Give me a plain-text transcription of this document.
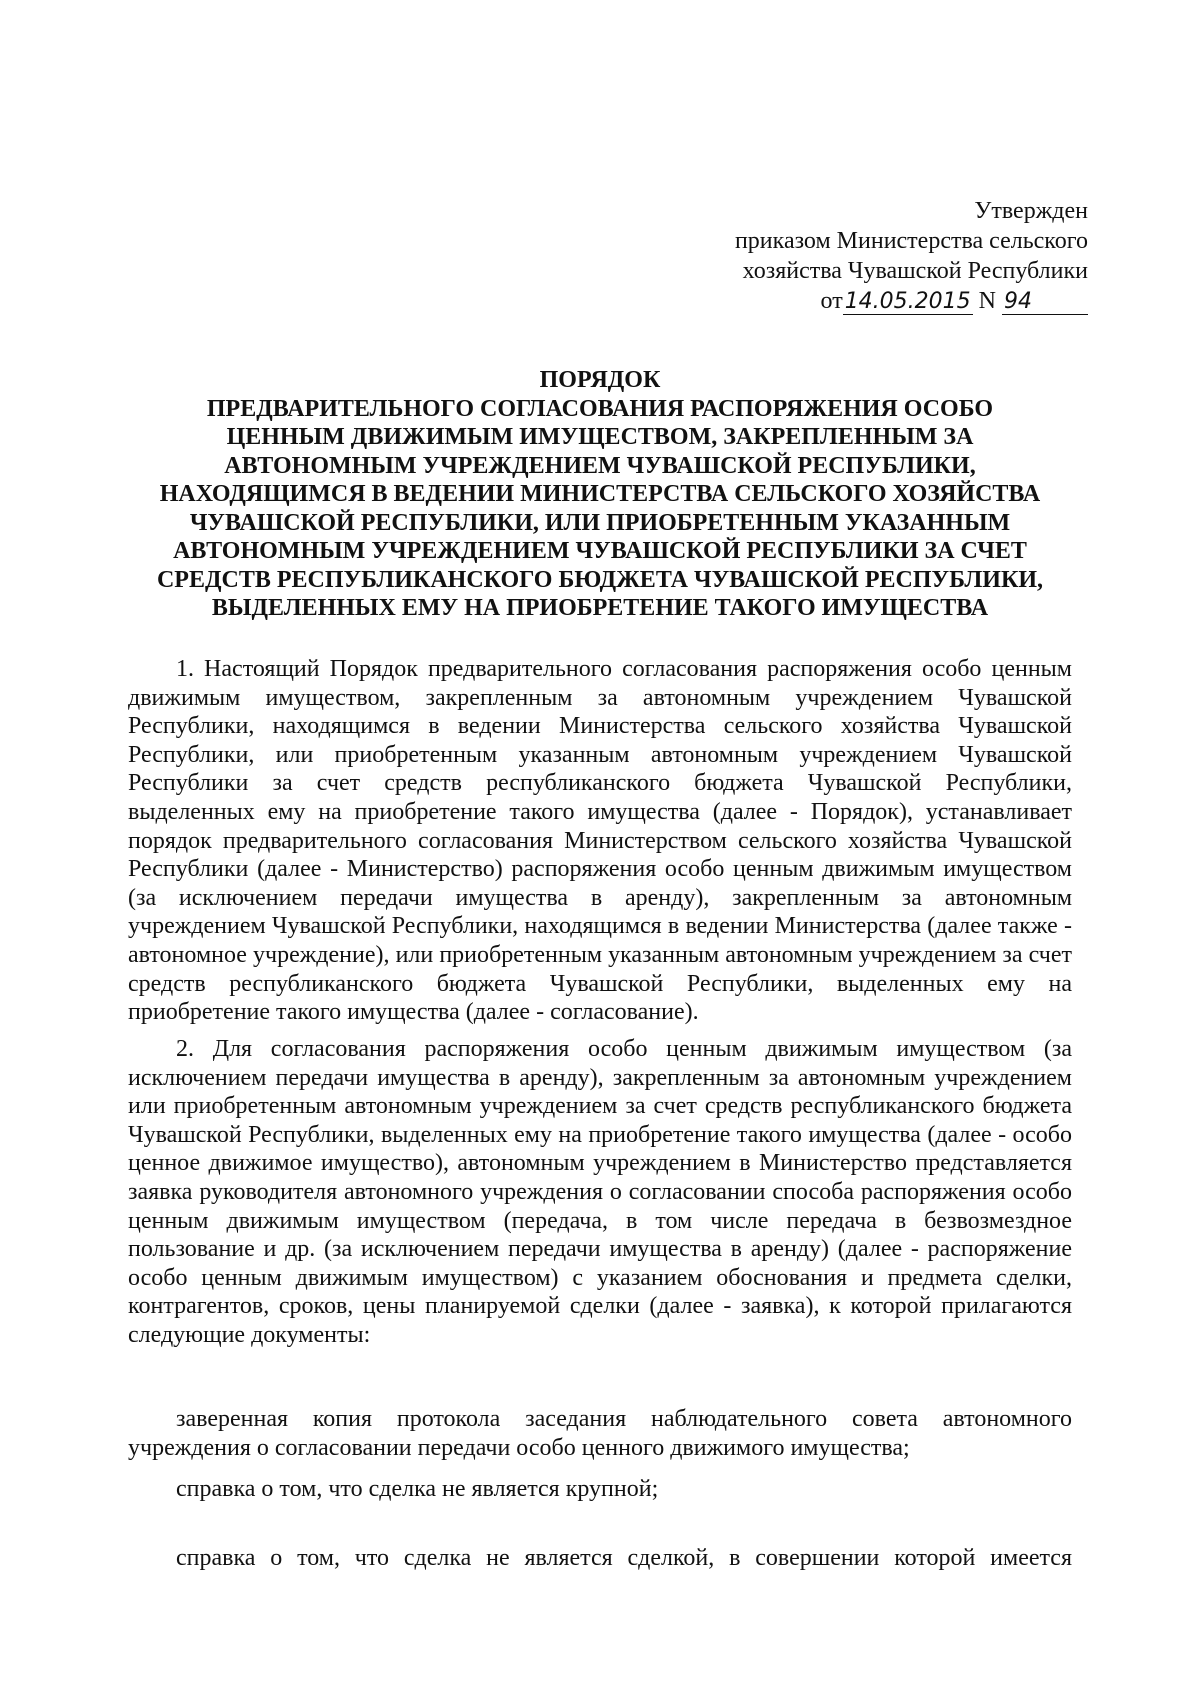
Утвержден
приказом Министерства сельского
хозяйства Чувашской Республики
от14.05.2015 N 94
ПОРЯДОК
ПРЕДВАРИТЕЛЬНОГО СОГЛАСОВАНИЯ РАСПОРЯЖЕНИЯ ОСОБО
ЦЕННЫМ ДВИЖИМЫМ ИМУЩЕСТВОМ, ЗАКРЕПЛЕННЫМ ЗА
АВТОНОМНЫМ УЧРЕЖДЕНИЕМ ЧУВАШСКОЙ РЕСПУБЛИКИ,
НАХОДЯЩИМСЯ В ВЕДЕНИИ МИНИСТЕРСТВА СЕЛЬСКОГО ХОЗЯЙСТВА
ЧУВАШСКОЙ РЕСПУБЛИКИ, ИЛИ ПРИОБРЕТЕННЫМ УКАЗАННЫМ
АВТОНОМНЫМ УЧРЕЖДЕНИЕМ ЧУВАШСКОЙ РЕСПУБЛИКИ ЗА СЧЕТ
СРЕДСТВ РЕСПУБЛИКАНСКОГО БЮДЖЕТА ЧУВАШСКОЙ РЕСПУБЛИКИ,
ВЫДЕЛЕННЫХ ЕМУ НА ПРИОБРЕТЕНИЕ ТАКОГО ИМУЩЕСТВА

1. Настоящий Порядок предварительного согласования распоряжения особо ценным движимым имуществом, закрепленным за автономным учреждением Чувашской Республики, находящимся в ведении Министерства сельского хозяйства Чувашской Республики, или приобретенным указанным автономным учреждением Чувашской Республики за счет средств республиканского бюджета Чувашской Республики, выделенных ему на приобретение такого имущества (далее - Порядок), устанавливает порядок предварительного согласования Министерством сельского хозяйства Чувашской Республики (далее - Министерство) распоряжения особо ценным движимым имуществом (за исключением передачи имущества в аренду), закрепленным за автономным учреждением Чувашской Республики, находящимся в ведении Министерства (далее также - автономное учреждение), или приобретенным указанным автономным учреждением за счет средств республиканского бюджета Чувашской Республики, выделенных ему на приобретение такого имущества (далее - согласование).

2. Для согласования распоряжения особо ценным движимым имуществом (за исключением передачи имущества в аренду), закрепленным за автономным учреждением или приобретенным автономным учреждением за счет средств республиканского бюджета Чувашской Республики, выделенных ему на приобретение такого имущества (далее - особо ценное движимое имущество), автономным учреждением в Министерство представляется заявка руководителя автономного учреждения о согласовании способа распоряжения особо ценным движимым имуществом (передача, в том числе передача в безвозмездное пользование и др. (за исключением передачи имущества в аренду) (далее - распоряжение особо ценным движимым имуществом) с указанием обоснования и предмета сделки, контрагентов, сроков, цены планируемой сделки (далее - заявка), к которой прилагаются следующие документы:

заверенная копия протокола заседания наблюдательного совета автономного учреждения о согласовании передачи особо ценного движимого имущества;

справка о том, что сделка не является крупной;

справка о том, что сделка не является сделкой, в совершении которой имеется
